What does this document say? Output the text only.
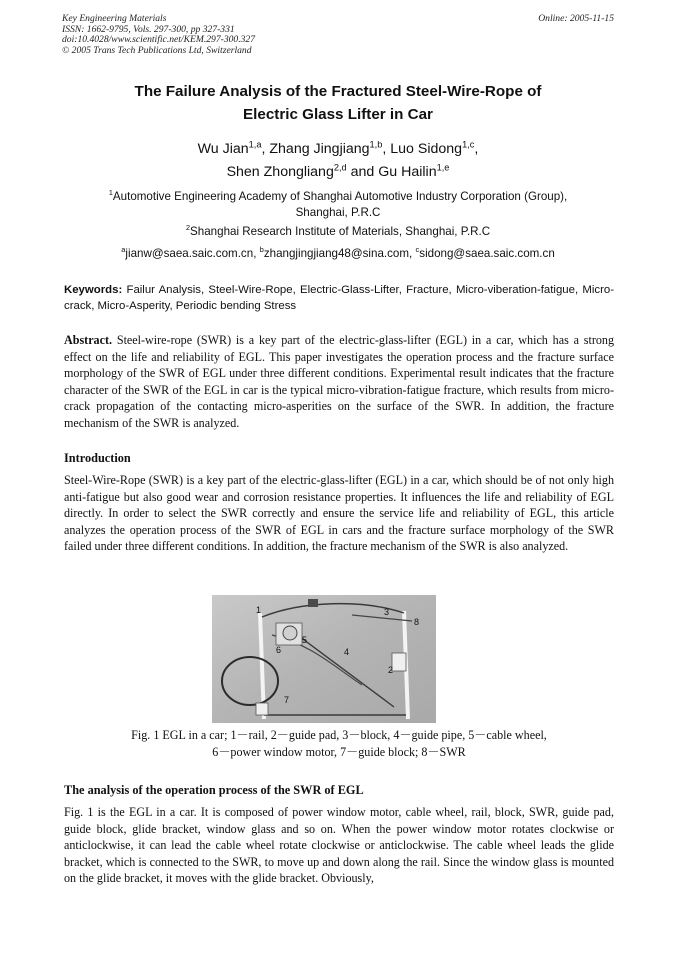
Key Engineering Materials
ISSN: 1662-9795, Vols. 297-300, pp 327-331
doi:10.4028/www.scientific.net/KEM.297-300.327
© 2005 Trans Tech Publications Ltd, Switzerland
Online: 2005-11-15
The Failure Analysis of the Fractured Steel-Wire-Rope of
Electric Glass Lifter in Car
Wu Jian$^{1,a}$, Zhang Jingjiang$^{1,b}$, Luo Sidong$^{1,c}$,
Shen Zhongliang$^{2,d}$ and Gu Hailin$^{1,e}$
$^1$Automotive Engineering Academy of Shanghai Automotive Industry Corporation (Group),
Shanghai, P.R.C
$^2$Shanghai Research Institute of Materials, Shanghai, P.R.C
$^a$jianw@saea.saic.com.cn, $^b$zhangjingjiang48@sina.com, $^c$sidong@saea.saic.com.cn
Keywords: Failur Analysis, Steel-Wire-Rope, Electric-Glass-Lifter, Fracture, Micro-viberation-fatigue, Micro-crack, Micro-Asperity, Periodic bending Stress
Abstract. Steel-wire-rope (SWR) is a key part of the electric-glass-lifter (EGL) in a car, which has a strong effect on the life and reliability of EGL. This paper investigates the operation process and the fracture surface morphology of the SWR of EGL under three different conditions. Experimental result indicates that the fracture character of the SWR of the EGL in car is the typical micro-vibration-fatigue fracture, which results from micro-crack propagation of the contacting micro-asperities on the surface of the SWR. In addition, the fracture mechanism of the SWR is analyzed.
Introduction
Steel-Wire-Rope (SWR) is a key part of the electric-glass-lifter (EGL) in a car, which should be of not only high anti-fatigue but also good wear and corrosion resistance properties. It influences the life and reliability of EGL directly. In order to select the SWR correctly and ensure the service life and reliability of EGL, this article analyzes the operation process of the SWR of EGL in cars and the fracture surface morphology of the SWR failed under three different conditions. In addition, the fracture mechanism of the SWR is also analyzed.
1
2
3
4
5
6
7
8
Fig. 1 EGL in a car; 1－rail, 2－guide pad, 3－block, 4－guide pipe, 5－cable wheel,
6－power window motor, 7－guide block; 8－SWR
The analysis of the operation process of the SWR of EGL
Fig. 1 is the EGL in a car. It is composed of power window motor, cable wheel, rail, block, SWR, guide pad, guide block, glide bracket, window glass and so on. When the power window motor rotates clockwise or anticlockwise, it can lead the cable wheel rotate clockwise or anticlockwise. The cable wheel leads the glide bracket, which is connected to the SWR, to move up and down along the rail. Since the window glass is mounted on the glide bracket, it moves with the glide bracket. Obviously,
